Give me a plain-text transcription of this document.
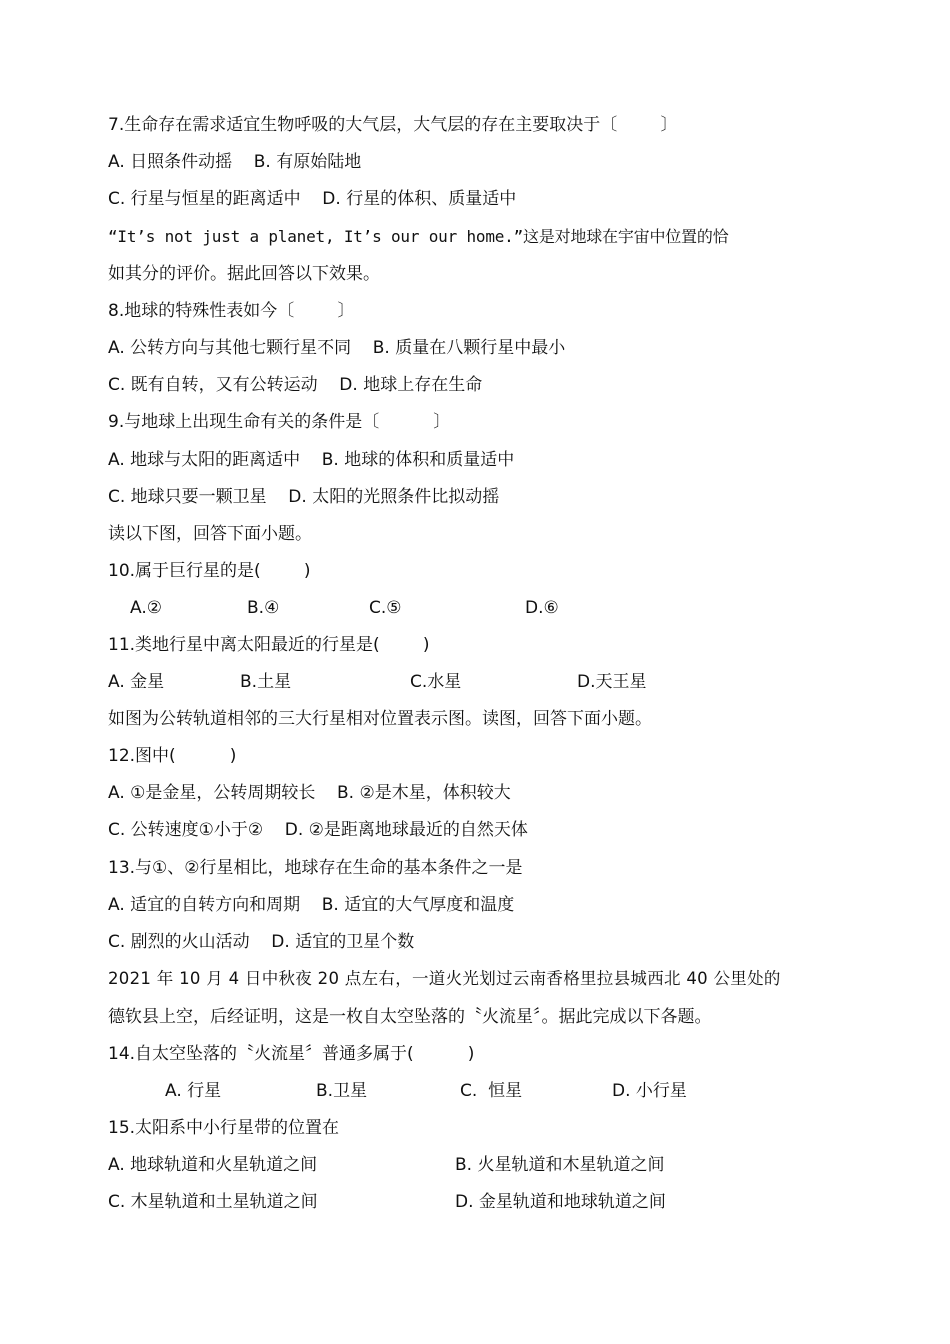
7.生命存在需求适宜生物呼吸的大气层，大气层的存在主要取决于〔        〕
A. 日照条件动摇    B. 有原始陆地
C. 行星与恒星的距离适中    D. 行星的体积、质量适中
“It’s not just a planet, It’s our our home.”这是对地球在宇宙中位置的恰
如其分的评价。据此回答以下效果。
8.地球的特殊性表如今〔        〕
A. 公转方向与其他七颗行星不同    B. 质量在八颗行星中最小
C. 既有自转，又有公转运动    D. 地球上存在生命
9.与地球上出现生命有关的条件是〔          〕
A. 地球与太阳的距离适中    B. 地球的体积和质量适中
C. 地球只要一颗卫星    D. 太阳的光照条件比拟动摇
读以下图，回答下面小题。
10.属于巨行星的是(        )
A.②	B.④	C.⑤	D.⑥
11.类地行星中离太阳最近的行星是(        )
A. 金星	B.土星	C.水星	D.天王星
如图为公转轨道相邻的三大行星相对位置表示图。读图，回答下面小题。
12.图中(          )
A. ①是金星，公转周期较长    B. ②是木星，体积较大
C. 公转速度①小于②    D. ②是距离地球最近的自然天体
13.与①、②行星相比，地球存在生命的基本条件之一是
A. 适宜的自转方向和周期    B. 适宜的大气厚度和温度
C. 剧烈的火山活动    D. 适宜的卫星个数
2021 年 10 月 4 日中秋夜 20 点左右，一道火光划过云南香格里拉县城西北 40 公里处的
德钦县上空，后经证明，这是一枚自太空坠落的〝火流星〞。据此完成以下各题。
14.自太空坠落的〝火流星〞普通多属于(          )
A. 行星	B.卫星	C.  恒星	D. 小行星
15.太阳系中小行星带的位置在
A. 地球轨道和火星轨道之间	B. 火星轨道和木星轨道之间
C. 木星轨道和土星轨道之间	D. 金星轨道和地球轨道之间
